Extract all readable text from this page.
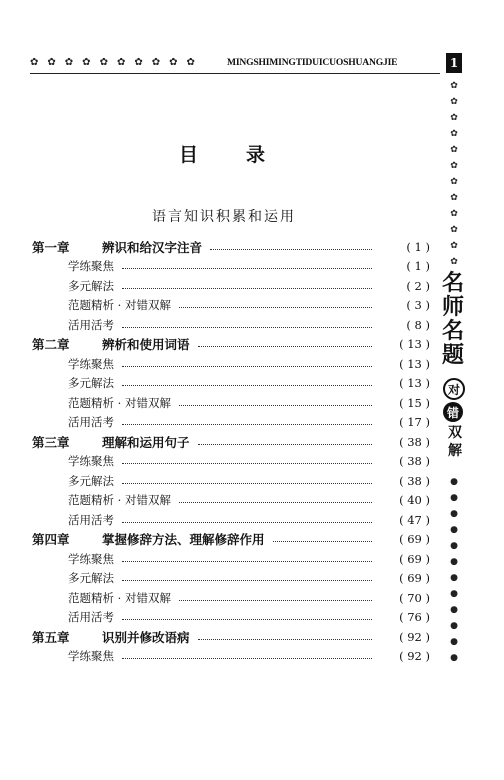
✿ ✿ ✿ ✿ ✿ ✿ ✿ ✿ ✿ ✿	MINGSHIMINGTIDUICUOSHUANGJIE	1
✿
✿
✿
✿
✿
✿
✿
✿
✿
✿
✿
✿
名
师
名
题
对
错
双
解
●
●
●
●
●
●
●
●
●
●
●
●
目录
语言知识积累和运用
第一章	辨识和给汉字注音	( 1 )
学练聚焦	( 1 )
多元解法	( 2 )
范题精析 · 对错双解	( 3 )
活用活考	( 8 )
第二章	辨析和使用词语	( 13 )
学练聚焦	( 13 )
多元解法	( 13 )
范题精析 · 对错双解	( 15 )
活用活考	( 17 )
第三章	理解和运用句子	( 38 )
学练聚焦	( 38 )
多元解法	( 38 )
范题精析 · 对错双解	( 40 )
活用活考	( 47 )
第四章	掌握修辞方法、理解修辞作用	( 69 )
学练聚焦	( 69 )
多元解法	( 69 )
范题精析 · 对错双解	( 70 )
活用活考	( 76 )
第五章	识别并修改语病	( 92 )
学练聚焦	( 92 )
